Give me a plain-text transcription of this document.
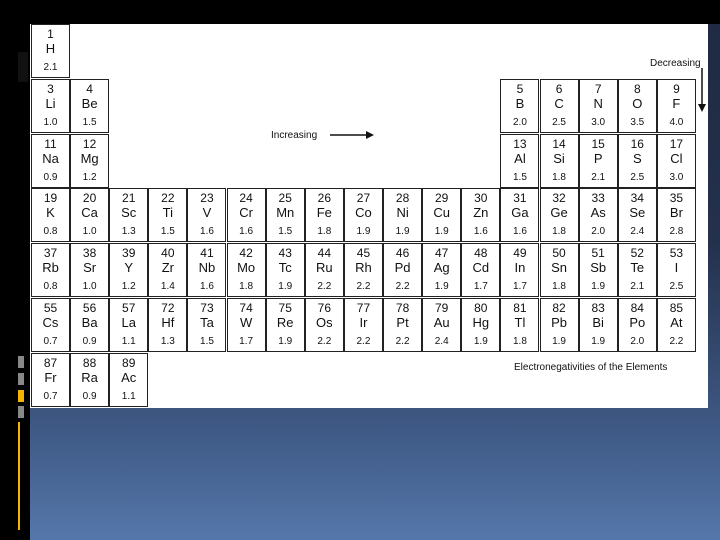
Increasing
Decreasing
Electronegativities of the Elements
1
H
2.1
3
Li
1.0
4
Be
1.5
5
B
2.0
6
C
2.5
7
N
3.0
8
O
3.5
9
F
4.0
11
Na
0.9
12
Mg
1.2
13
Al
1.5
14
Si
1.8
15
P
2.1
16
S
2.5
17
Cl
3.0
19
K
0.8
20
Ca
1.0
21
Sc
1.3
22
Ti
1.5
23
V
1.6
24
Cr
1.6
25
Mn
1.5
26
Fe
1.8
27
Co
1.9
28
Ni
1.9
29
Cu
1.9
30
Zn
1.6
31
Ga
1.6
32
Ge
1.8
33
As
2.0
34
Se
2.4
35
Br
2.8
37
Rb
0.8
38
Sr
1.0
39
Y
1.2
40
Zr
1.4
41
Nb
1.6
42
Mo
1.8
43
Tc
1.9
44
Ru
2.2
45
Rh
2.2
46
Pd
2.2
47
Ag
1.9
48
Cd
1.7
49
In
1.7
50
Sn
1.8
51
Sb
1.9
52
Te
2.1
53
I
2.5
55
Cs
0.7
56
Ba
0.9
57
La
1.1
72
Hf
1.3
73
Ta
1.5
74
W
1.7
75
Re
1.9
76
Os
2.2
77
Ir
2.2
78
Pt
2.2
79
Au
2.4
80
Hg
1.9
81
Tl
1.8
82
Pb
1.9
83
Bi
1.9
84
Po
2.0
85
At
2.2
87
Fr
0.7
88
Ra
0.9
89
Ac
1.1
